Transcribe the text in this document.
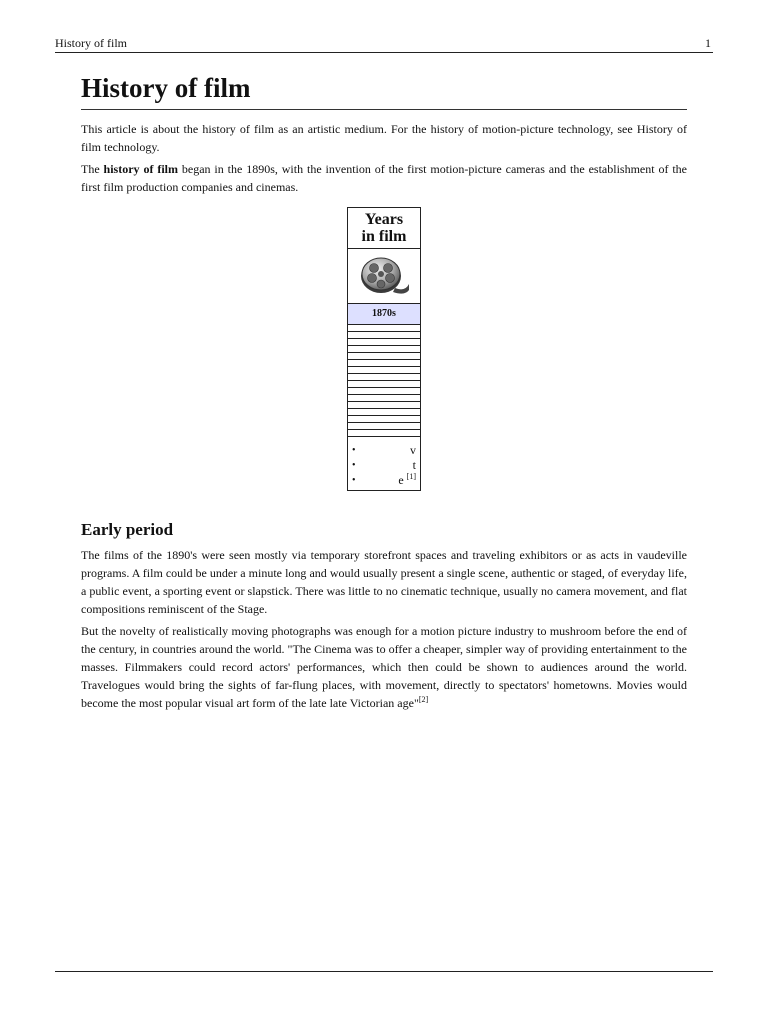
History of film	1
History of film

This article is about the history of film as an artistic medium. For the history of motion-picture technology, see History of film technology.

The history of film began in the 1890s, with the invention of the first motion-picture cameras and the establishment of the first film production companies and cinemas.

Years
in film
1870s
• v
• t
• e [1]
Early period

The films of the 1890's were seen mostly via temporary storefront spaces and traveling exhibitors or as acts in vaudeville programs. A film could be under a minute long and would usually present a single scene, authentic or staged, of everyday life, a public event, a sporting event or slapstick. There was little to no cinematic technique, usually no camera movement, and flat compositions reminiscent of the Stage.

But the novelty of realistically moving photographs was enough for a motion picture industry to mushroom before the end of the century, in countries around the world. "The Cinema was to offer a cheaper, simpler way of providing entertainment to the masses. Filmmakers could record actors' performances, which then could be shown to audiences around the world. Travelogues would bring the sights of far-flung places, with movement, directly to spectators' hometowns. Movies would become the most popular visual art form of the late late Victorian age"[2]
